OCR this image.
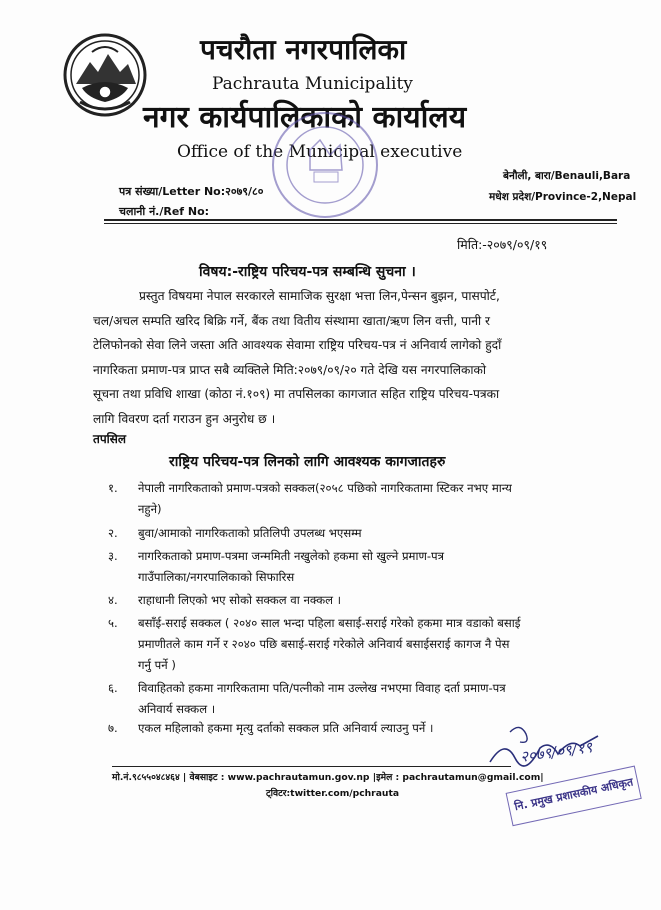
पचरौता नगरपालिका
Pachrauta Municipality
नगर कार्यपालिकाको कार्यालय
Office of the Municipal executive
पत्र संख्या/Letter No:२०७९/८०
चलानी नं./Ref No:
बेनौली, बारा/Benauli,Bara
मधेश प्रदेश/Province-2,Nepal
मिति:-२०७९/०९/१९
विषय:-राष्ट्रिय परिचय-पत्र सम्बन्धि सुचना ।

प्रस्तुत विषयमा नेपाल सरकारले सामाजिक सुरक्षा भत्ता लिन,पेन्सन बुझन, पासपोर्ट,

चल/अचल सम्पति खरिद बिक्रि गर्ने, बैंक तथा वितीय संस्थामा खाता/ऋण लिन वत्ती, पानी र

टेलिफोनको सेवा लिने जस्ता अति आवश्यक सेवामा राष्ट्रिय परिचय-पत्र नं अनिवार्य लागेको हुदाँ

नागरिकता प्रमाण-पत्र प्राप्त सबै व्यक्तिले मिति:२०७९/०९/२० गते देखि यस नगरपालिकाको

सूचना तथा प्रविधि शाखा (कोठा नं.१०९) मा तपसिलका कागजात सहित राष्ट्रिय परिचय-पत्रका

लागि विवरण दर्ता गराउन हुन अनुरोध छ ।

तपसिल
राष्ट्रिय परिचय-पत्र लिनको लागि आवश्यक कागजातहरु
१. नेपाली नागरिकताको प्रमाण-पत्रको सक्कल(२०५८ पछिको नागरिकतामा स्टिकर नभए मान्य
नहुने)
२. बुवा/आमाको नागरिकताको प्रतिलिपी उपलब्ध भएसम्म
३. नागरिकताको प्रमाण-पत्रमा जन्ममिती नखुलेको हकमा सो खुल्ने प्रमाण-पत्र
गाउँपालिका/नगरपालिकाको सिफारिस
४. राहाधानी लिएको भए सोको सक्कल वा नक्कल ।
५. बसाँई-सराई सक्कल ( २०४० साल भन्दा पहिला बसाई-सराई गरेको हकमा मात्र वडाको बसाई
प्रमाणीतले काम गर्ने र २०४० पछि बसाई-सराई गरेकोले अनिवार्य बसाईसराई कागज नै पेस
गर्नु पर्ने )
६. विवाहितको हकमा नागरिकतामा पति/पत्नीको नाम उल्लेख नभएमा विवाह दर्ता प्रमाण-पत्र
अनिवार्य सक्कल ।
७. एकल महिलाको हकमा मृत्यु दर्ताको सक्कल प्रति अनिवार्य ल्याउनु पर्ने ।
२०७९/०९/१९
मो.नं.९८५५०४८४६४ | वेबसाइट : www.pachrautamun.gov.np |इमेल : pachrautamun@gmail.com|
ट्विटर:twitter.com/pchrauta	नि. प्रमुख प्रशासकीय अधिकृत
